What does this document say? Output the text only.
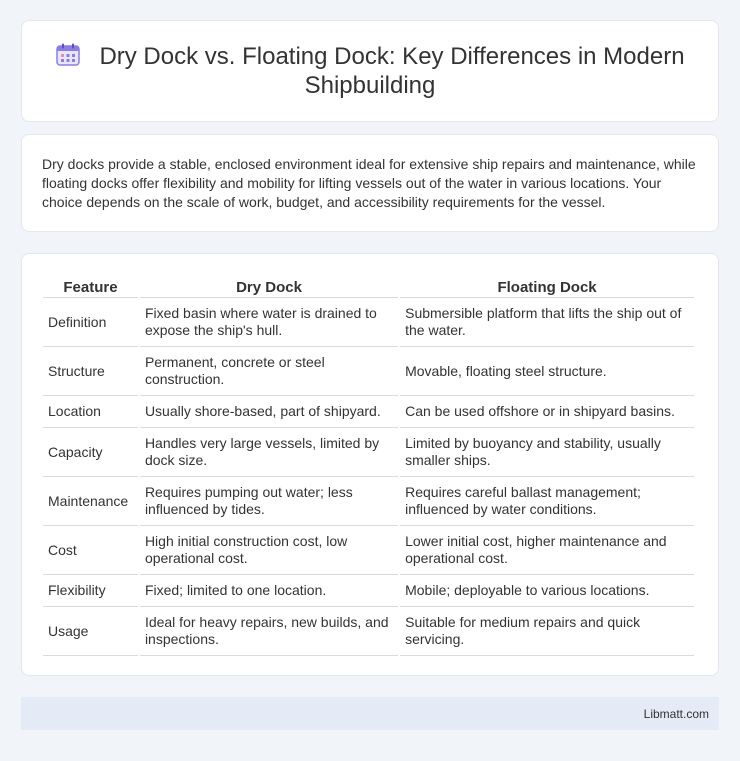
Dry Dock vs. Floating Dock: Key Differences in Modern Shipbuilding

Dry docks provide a stable, enclosed environment ideal for extensive ship repairs and maintenance, while floating docks offer flexibility and mobility for lifting vessels out of the water in various locations. Your choice depends on the scale of work, budget, and accessibility requirements for the vessel.

Feature	Dry Dock	Floating Dock
Definition	Fixed basin where water is drained to expose the ship's hull.	Submersible platform that lifts the ship out of the water.
Structure	Permanent, concrete or steel construction.	Movable, floating steel structure.
Location	Usually shore-based, part of shipyard.	Can be used offshore or in shipyard basins.
Capacity	Handles very large vessels, limited by dock size.	Limited by buoyancy and stability, usually smaller ships.
Maintenance	Requires pumping out water; less influenced by tides.	Requires careful ballast management; influenced by water conditions.
Cost	High initial construction cost, low operational cost.	Lower initial cost, higher maintenance and operational cost.
Flexibility	Fixed; limited to one location.	Mobile; deployable to various locations.
Usage	Ideal for heavy repairs, new builds, and inspections.	Suitable for medium repairs and quick servicing.
Libmatt.com
